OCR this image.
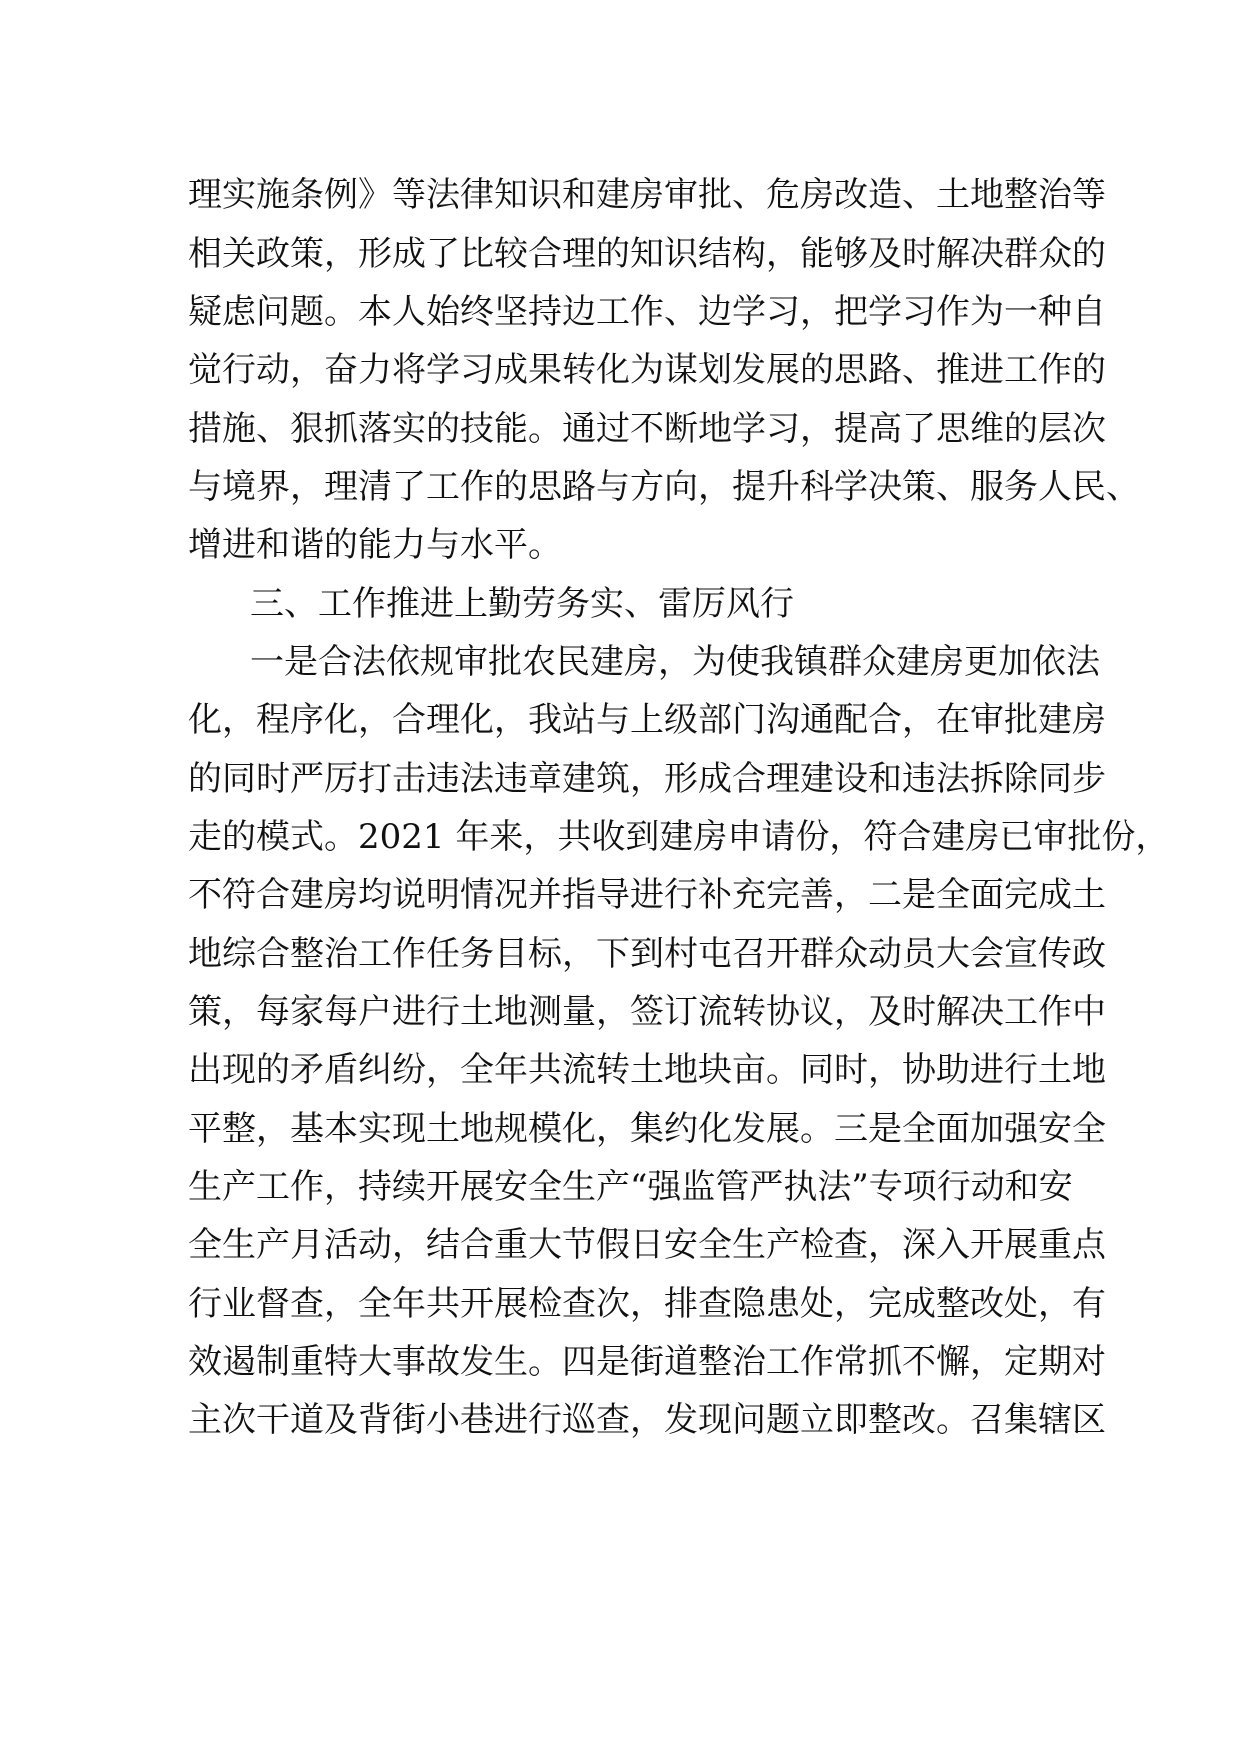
理实施条例》等法律知识和建房审批、危房改造、土地整治等
相关政策，形成了比较合理的知识结构，能够及时解决群众的
疑虑问题。本人始终坚持边工作、边学习，把学习作为一种自
觉行动，奋力将学习成果转化为谋划发展的思路、推进工作的
措施、狠抓落实的技能。通过不断地学习，提高了思维的层次
与境界，理清了工作的思路与方向，提升科学决策、服务人民、
增进和谐的能力与水平。
三、工作推进上勤劳务实、雷厉风行
一是合法依规审批农民建房，为使我镇群众建房更加依法
化，程序化，合理化，我站与上级部门沟通配合，在审批建房
的同时严厉打击违法违章建筑，形成合理建设和违法拆除同步
走的模式。2021 年来，共收到建房申请份，符合建房已审批份，
不符合建房均说明情况并指导进行补充完善，二是全面完成土
地综合整治工作任务目标，下到村屯召开群众动员大会宣传政
策，每家每户进行土地测量，签订流转协议，及时解决工作中
出现的矛盾纠纷，全年共流转土地块亩。同时，协助进行土地
平整，基本实现土地规模化，集约化发展。三是全面加强安全
生产工作，持续开展安全生产“强监管严执法”专项行动和安
全生产月活动，结合重大节假日安全生产检查，深入开展重点
行业督查，全年共开展检查次，排查隐患处，完成整改处，有
效遏制重特大事故发生。四是街道整治工作常抓不懈，定期对
主次干道及背街小巷进行巡查，发现问题立即整改。召集辖区
